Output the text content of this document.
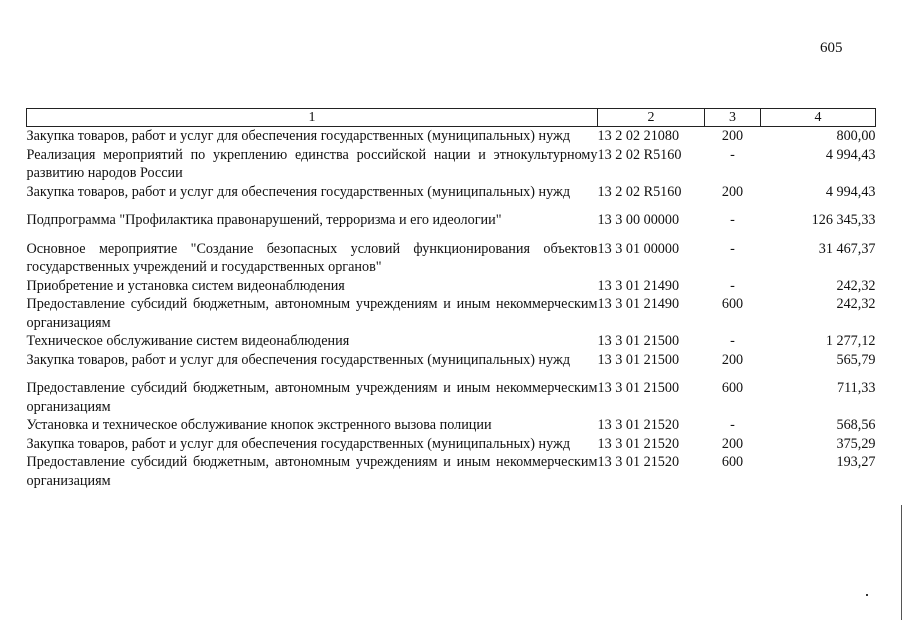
605
1	2	3	4
Закупка товаров, работ и услуг для обеспечения государственных (муниципальных) нужд	13 2 02 21080	200	800,00
Реализация мероприятий по укреплению единства российской нации и этнокультурному развитию народов России	13 2 02 R5160	-	4 994,43
Закупка товаров, работ и услуг для обеспечения государственных (муниципальных) нужд	13 2 02 R5160	200	4 994,43
Подпрограмма "Профилактика правонарушений, терроризма и его идеологии"	13 3 00 00000	-	126 345,33
Основное мероприятие "Создание безопасных условий функционирования объектов государственных учреждений и государственных органов"	13 3 01 00000	-	31 467,37
Приобретение и установка систем видеонаблюдения	13 3 01 21490	-	242,32
Предоставление субсидий бюджетным, автономным учреждениям и иным некоммерческим организациям	13 3 01 21490	600	242,32
Техническое обслуживание систем видеонаблюдения	13 3 01 21500	-	1 277,12
Закупка товаров, работ и услуг для обеспечения государственных (муниципальных) нужд	13 3 01 21500	200	565,79
Предоставление субсидий бюджетным, автономным учреждениям и иным некоммерческим организациям	13 3 01 21500	600	711,33
Установка и техническое обслуживание кнопок экстренного вызова полиции	13 3 01 21520	-	568,56
Закупка товаров, работ и услуг для обеспечения государственных (муниципальных) нужд	13 3 01 21520	200	375,29
Предоставление субсидий бюджетным, автономным учреждениям и иным некоммерческим организациям	13 3 01 21520	600	193,27
